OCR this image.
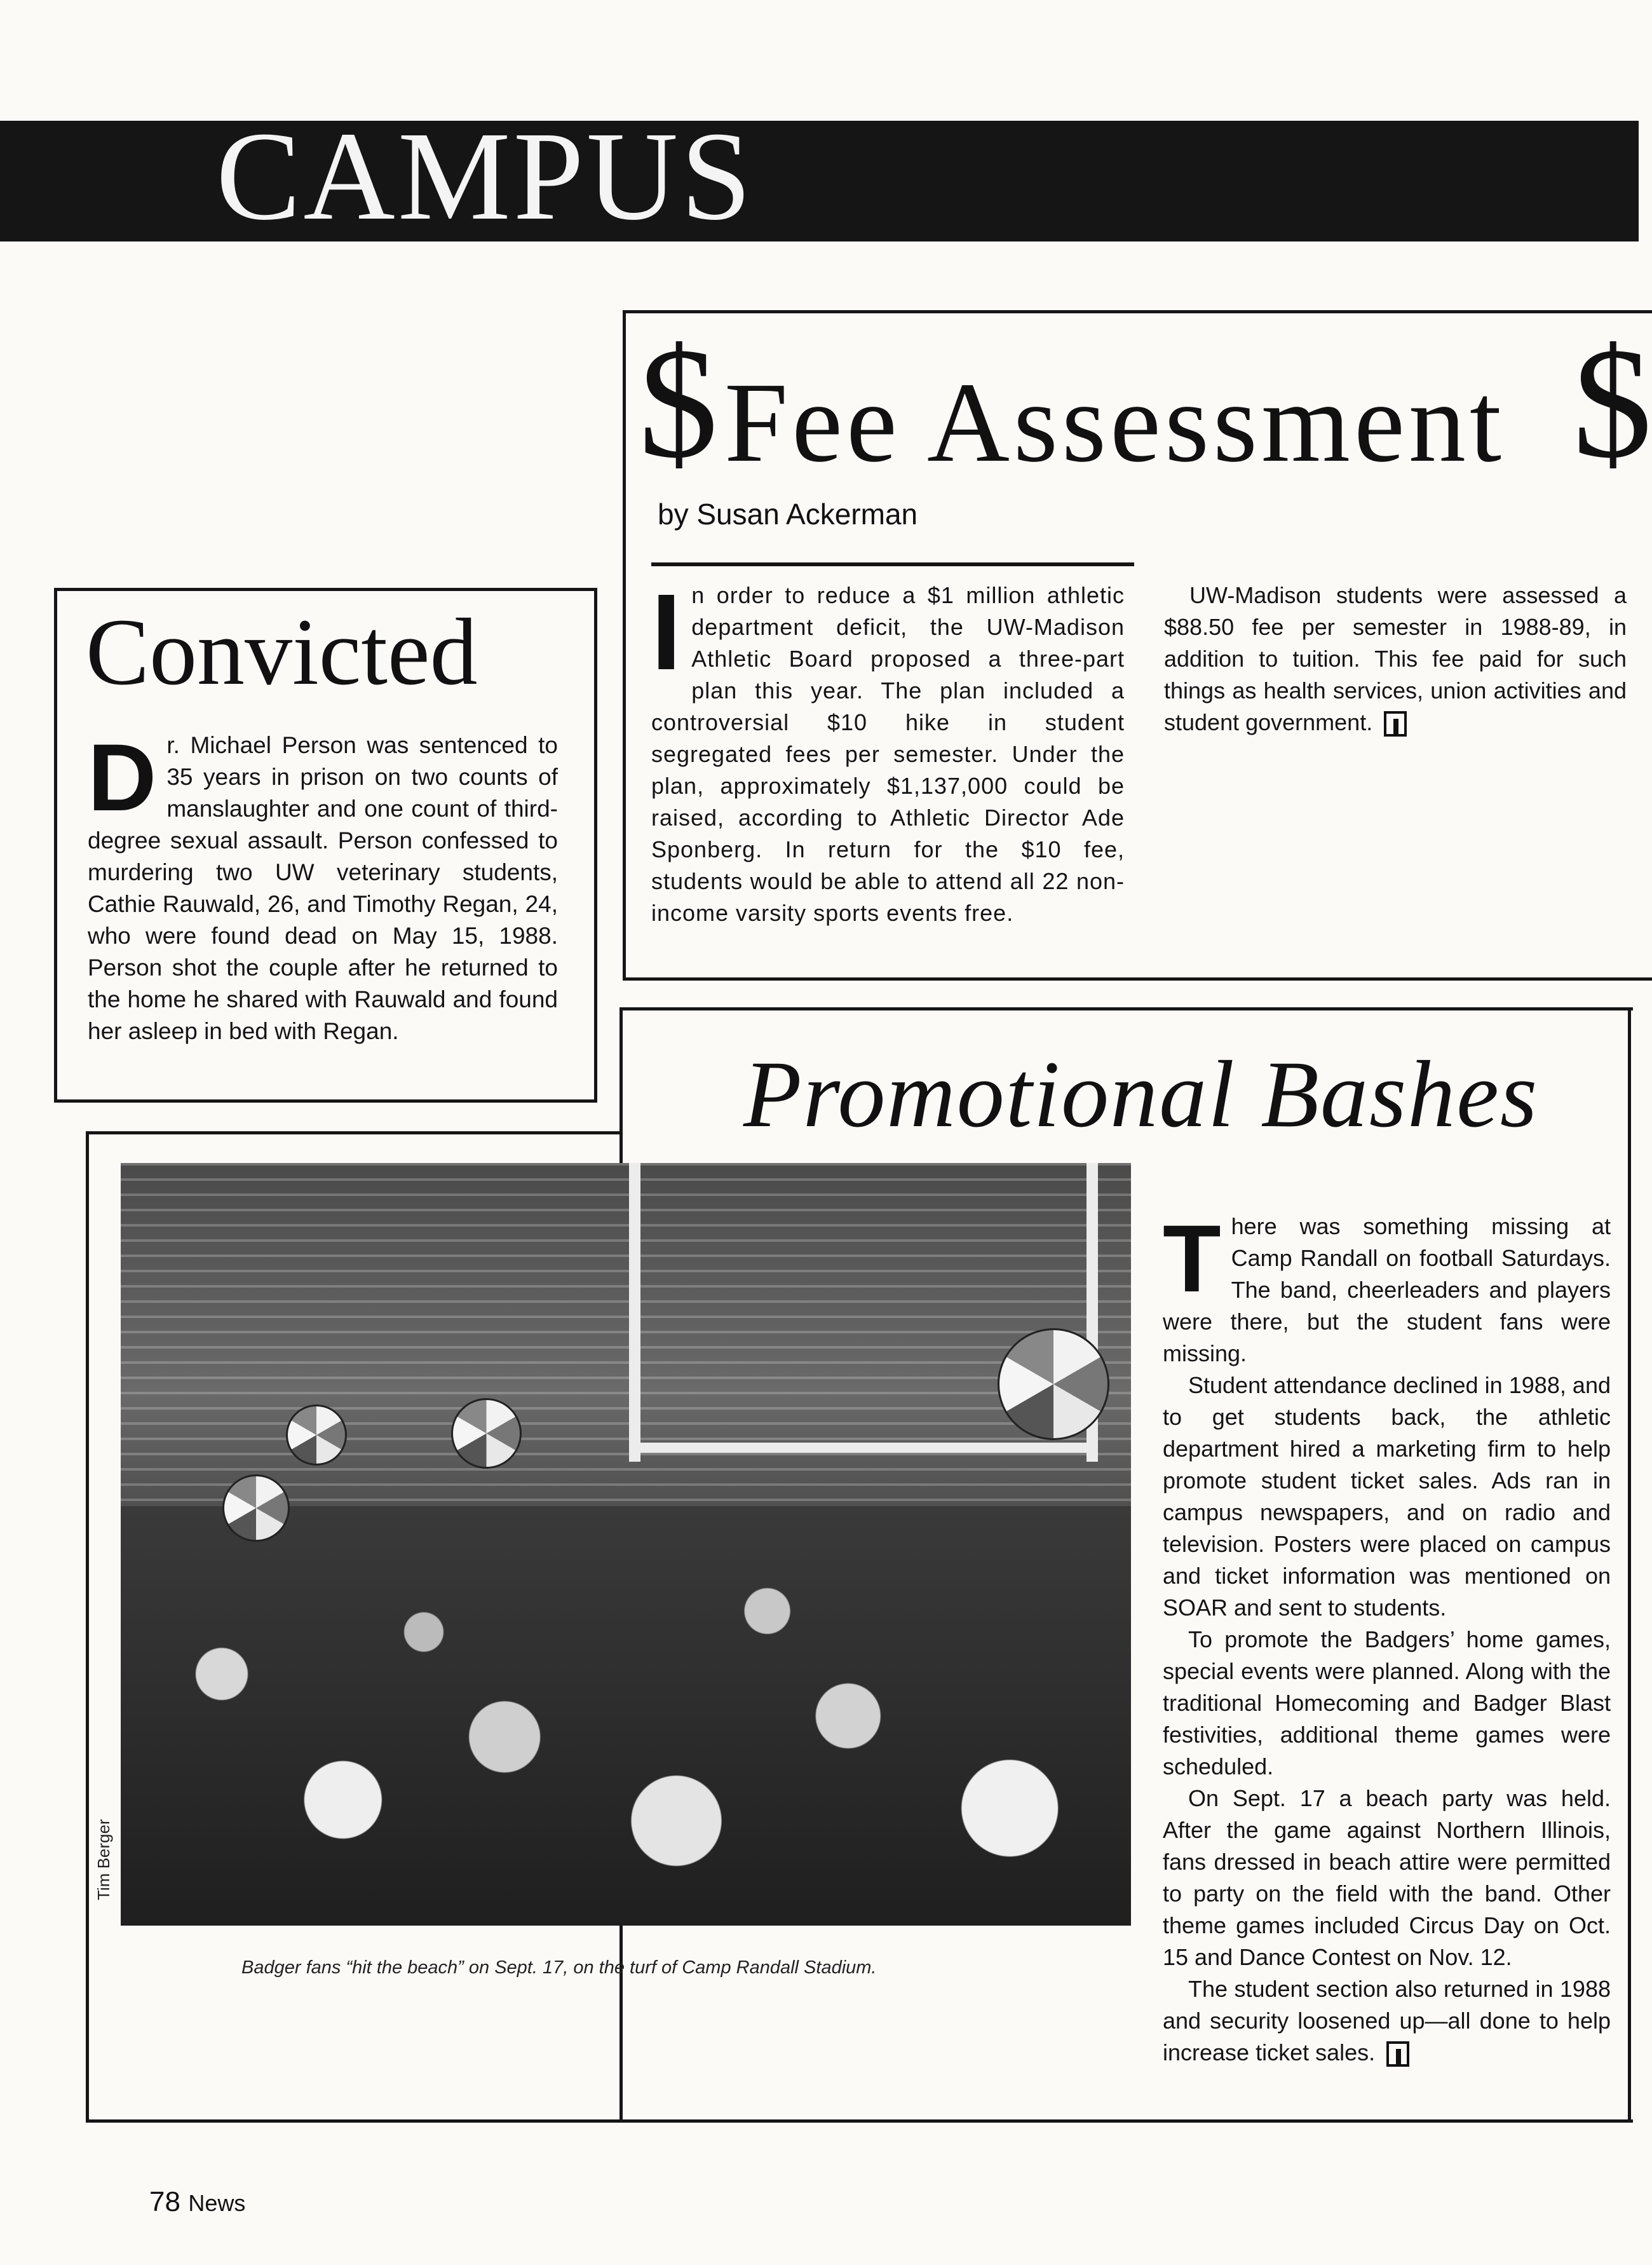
CAMPUS
$Fee Assessment $
by Susan Ackerman
I n order to reduce a $1 million athletic department deficit, the UW-Madison Athletic Board proposed a three-part plan this year. The plan included a controversial $10 hike in student segregated fees per semester. Under the plan, approximately $1,137,000 could be raised, according to Athletic Director Ade Sponberg. In return for the $10 fee, students would be able to attend all 22 non-income varsity sports events free.

UW-Madison students were assessed a $88.50 fee per semester in 1988-89, in addition to tuition. This fee paid for such things as health services, union activities and student government.

Convicted
D r. Michael Person was sentenced to 35 years in prison on two counts of manslaughter and one count of third-degree sexual assault. Person confessed to murdering two UW veterinary students, Cathie Rauwald, 26, and Timothy Regan, 24, who were found dead on May 15, 1988. Person shot the couple after he returned to the home he shared with Rauwald and found her asleep in bed with Regan.

Promotional Bashes
Tim Berger
Badger fans “hit the beach” on Sept. 17, on the turf of Camp Randall Stadium.
T here was something missing at Camp Randall on football Saturdays. The band, cheerleaders and players were there, but the student fans were missing.

Student attendance declined in 1988, and to get students back, the athletic department hired a marketing firm to help promote student ticket sales. Ads ran in campus newspapers, and on radio and television. Posters were placed on campus and ticket information was mentioned on SOAR and sent to students.

To promote the Badgers’ home games, special events were planned. Along with the traditional Homecoming and Badger Blast festivities, additional theme games were scheduled.

On Sept. 17 a beach party was held. After the game against Northern Illinois, fans dressed in beach attire were permitted to party on the field with the band. Other theme games included Circus Day on Oct. 15 and Dance Contest on Nov. 12.

The student section also returned in 1988 and security loosened up—all done to help increase ticket sales.

78 News
